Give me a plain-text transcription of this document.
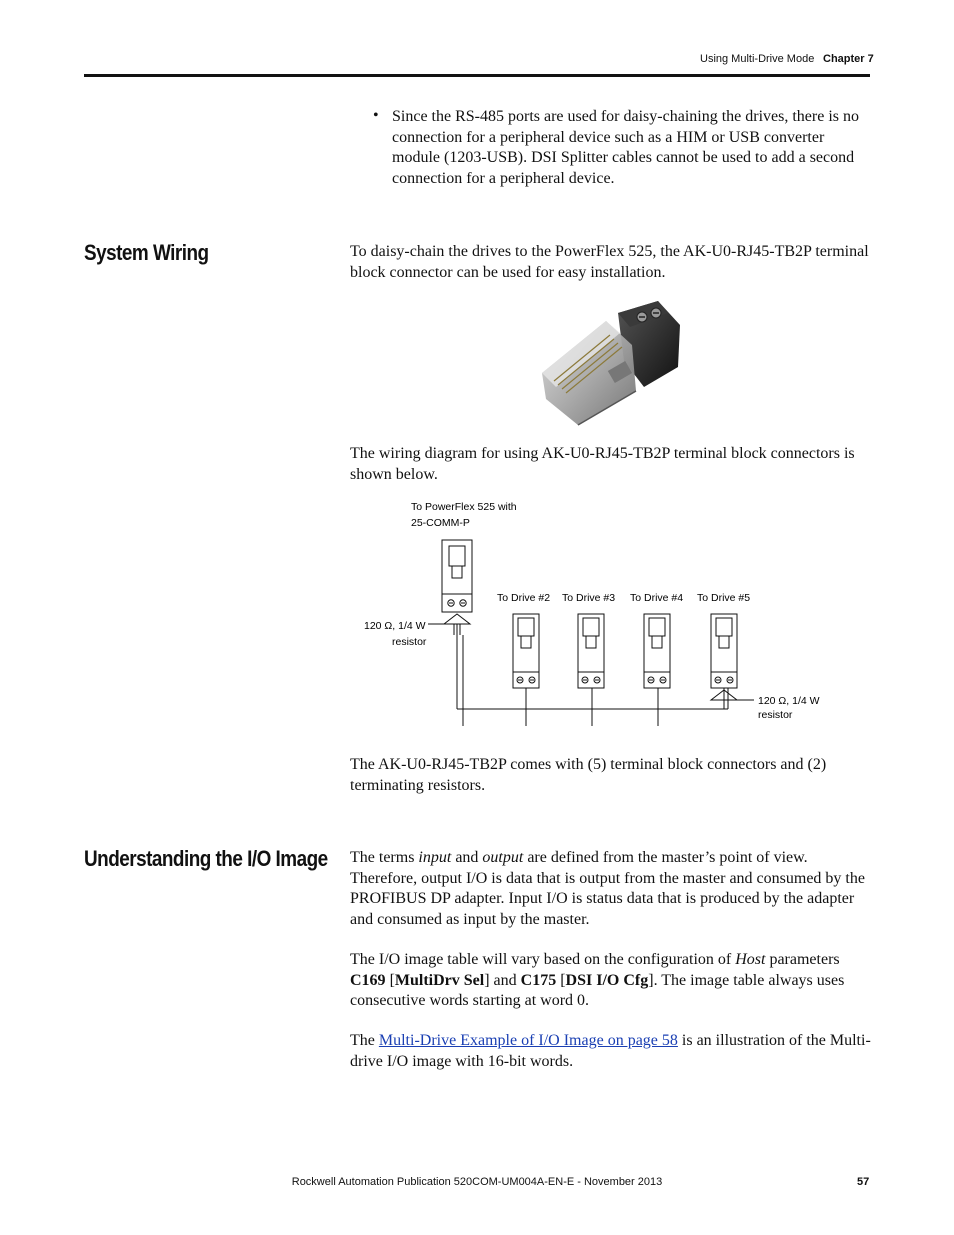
Using Multi-Drive Mode Chapter 7
• Since the RS-485 ports are used for daisy-chaining the drives, there is no connection for a peripheral device such as a HIM or USB converter module (1203-USB). DSI Splitter cables cannot be used to add a second connection for a peripheral device.

System Wiring	To daisy-chain the drives to the PowerFlex 525, the AK-U0-RJ45-TB2P terminal block connector can be used for easy installation.

The wiring diagram for using AK-U0-RJ45-TB2P terminal block connectors is shown below.

To PowerFlex 525 with
25-COMM-P
To Drive #2 To Drive #3 To Drive #4 To Drive #5
120 Ω, 1/4 W
resistor
120 Ω, 1/4 W
resistor

The AK-U0-RJ45-TB2P comes with (5) terminal block connectors and (2) terminating resistors.

Understanding the I/O Image The terms input and output are defined from the master’s point of view. Therefore, output I/O is data that is output from the master and consumed by the PROFIBUS DP adapter. Input I/O is status data that is produced by the adapter and consumed as input by the master.

The I/O image table will vary based on the configuration of Host parameters C169 [MultiDrv Sel] and C175 [DSI I/O Cfg]. The image table always uses consecutive words starting at word 0.

The Multi-Drive Example of I/O Image on page 58 is an illustration of the Multi-drive I/O image with 16-bit words.

Rockwell Automation Publication 520COM-UM004A-EN-E - November 2013	57
